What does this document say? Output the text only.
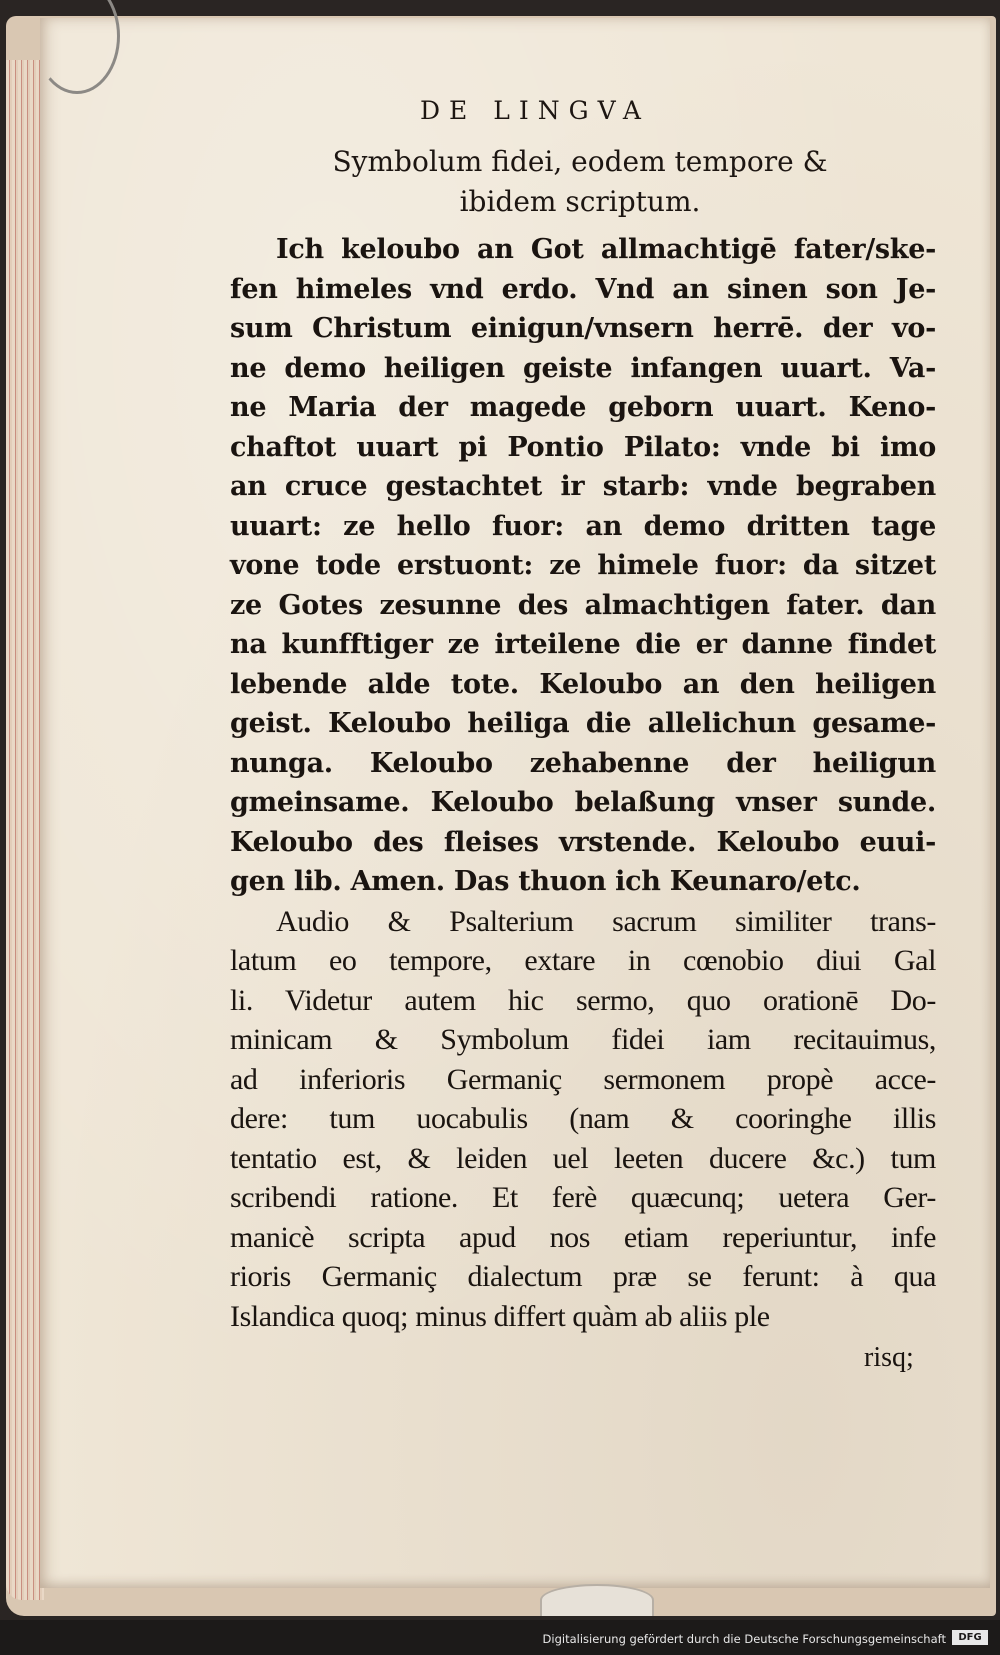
DE LINGVA
Symbolum fidei, eodem tempore &
ibidem scriptum.
Ich keloubo an Got allmachtigē fater/ske-
fen himeles vnd erdo. Vnd an sinen son Je-
sum Christum einigun/vnsern herrē. der vo-
ne demo heiligen geiste infangen uuart. Va-
ne Maria der magede geborn uuart. Keno-
chaftot uuart pi Pontio Pilato: vnde bi imo
an cruce gestachtet ir starb: vnde begraben
uuart: ze hello fuor: an demo dritten tage
vone tode erstuont: ze himele fuor: da sitzet
ze Gotes zesunne des almachtigen fater. dan
na kunfftiger ze irteilene die er danne findet
lebende alde tote. Keloubo an den heiligen
geist. Keloubo heiliga die allelichun gesame-
nunga. Keloubo zehabenne der heiligun
gmeinsame. Keloubo belaßung vnser sunde.
Keloubo des fleises vrstende. Keloubo euui-
gen lib. Amen. Das thuon ich Keunaro/etc.
Audio & Psalterium sacrum similiter trans-
latum eo tempore, extare in cœnobio diui Gal
li. Videtur autem hic sermo, quo orationē Do-
minicam & Symbolum fidei iam recitauimus,
ad inferioris Germaniç sermonem propè acce-
dere: tum uocabulis (nam & cooringhe illis
tentatio est, & leiden uel leeten ducere &c.) tum
scribendi ratione. Et ferè quæcunq; uetera Ger-
manicè scripta apud nos etiam reperiuntur, infe
rioris Germaniç dialectum præ se ferunt: à qua
Islandica quoq; minus differt quàm ab aliis ple
risq;
Digitalisierung gefördert durch die Deutsche Forschungsgemeinschaft	DFG
